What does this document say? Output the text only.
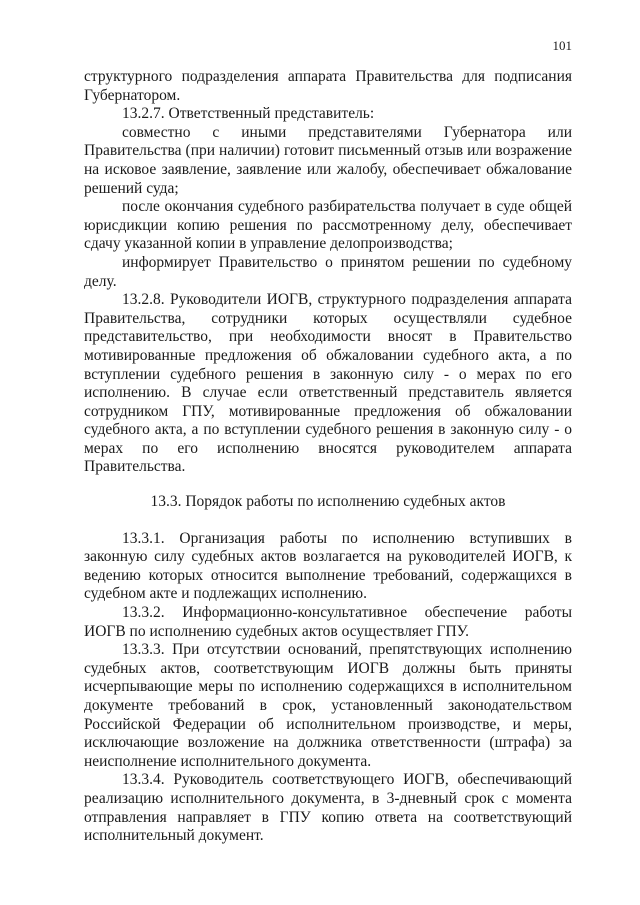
101

структурного подразделения аппарата Правительства для подписания Губернатором.

13.2.7. Ответственный представитель:

совместно с иными представителями Губернатора или Правительства (при наличии) готовит письменный отзыв или возражение на исковое заявление, заявление или жалобу, обеспечивает обжалование решений суда;

после окончания судебного разбирательства получает в суде общей юрисдикции копию решения по рассмотренному делу, обеспечивает сдачу указанной копии в управление делопроизводства;

информирует Правительство о принятом решении по судебному делу.

13.2.8. Руководители ИОГВ, структурного подразделения аппарата Правительства, сотрудники которых осуществляли судебное представительство, при необходимости вносят в Правительство мотивированные предложения об обжаловании судебного акта, а по вступлении судебного решения в законную силу - о мерах по его исполнению. В случае если ответственный представитель является сотрудником ГПУ, мотивированные предложения об обжаловании судебного акта, а по вступлении судебного решения в законную силу - о мерах по его исполнению вносятся руководителем аппарата Правительства.

13.3. Порядок работы по исполнению судебных актов

13.3.1. Организация работы по исполнению вступивших в законную силу судебных актов возлагается на руководителей ИОГВ, к ведению которых относится выполнение требований, содержащихся в судебном акте и подлежащих исполнению.

13.3.2. Информационно-консультативное обеспечение работы ИОГВ по исполнению судебных актов осуществляет ГПУ.

13.3.3. При отсутствии оснований, препятствующих исполнению судебных актов, соответствующим ИОГВ должны быть приняты исчерпывающие меры по исполнению содержащихся в исполнительном документе требований в срок, установленный законодательством Российской Федерации об исполнительном производстве, и меры, исключающие возложение на должника ответственности (штрафа) за неисполнение исполнительного документа.

13.3.4. Руководитель соответствующего ИОГВ, обеспечивающий реализацию исполнительного документа, в 3-дневный срок с момента отправления направляет в ГПУ копию ответа на соответствующий исполнительный документ.
